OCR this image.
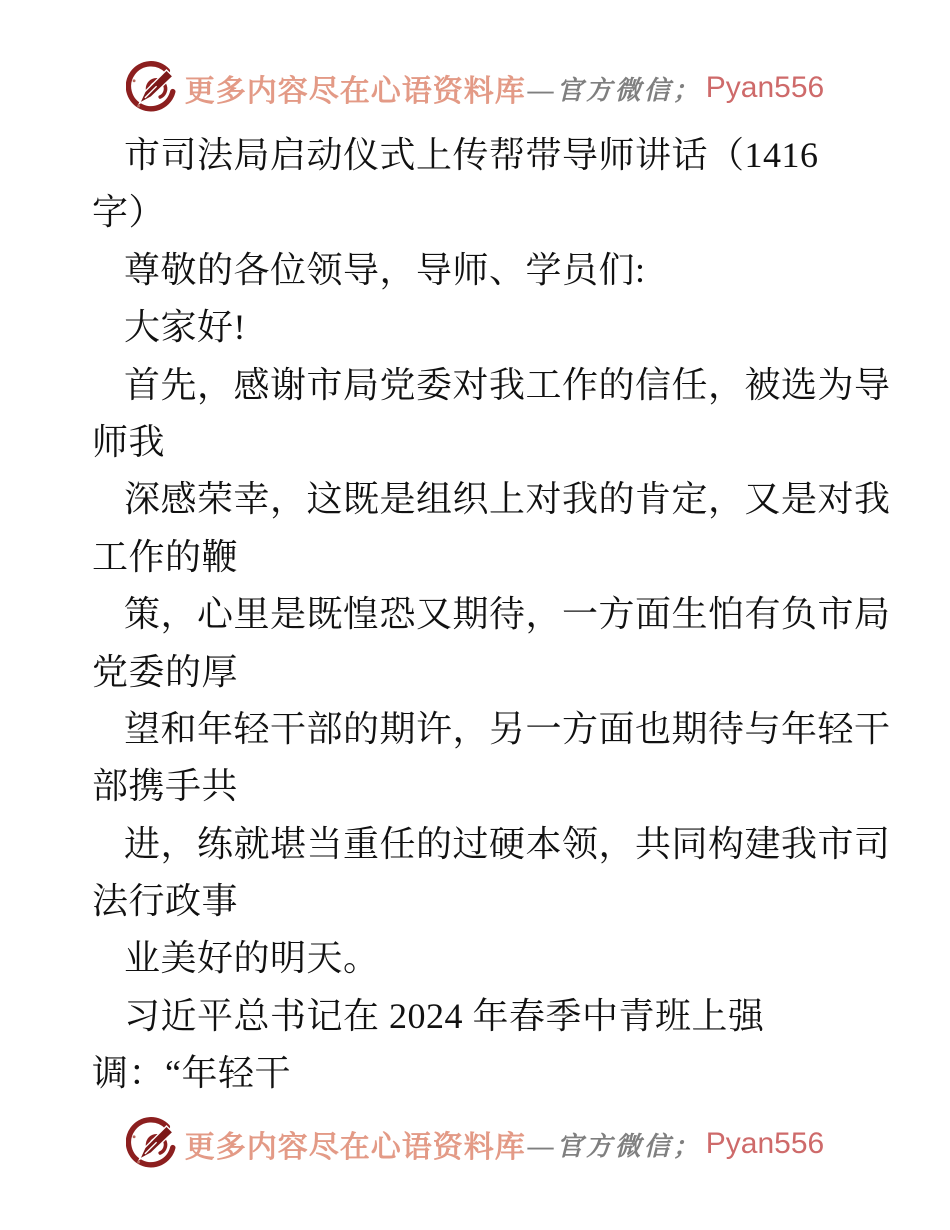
更多内容尽在心语资料库 —官方微信； Pyan556
市司法局启动仪式上传帮带导师讲话（1416
字）
尊敬的各位领导，导师、学员们:
大家好!
首先，感谢市局党委对我工作的信任，被选为导
师我
深感荣幸，这既是组织上对我的肯定，又是对我
工作的鞭
策，心里是既惶恐又期待，一方面生怕有负市局
党委的厚
望和年轻干部的期许，另一方面也期待与年轻干
部携手共
进，练就堪当重任的过硬本领，共同构建我市司
法行政事
业美好的明天。
习近平总书记在 2024 年春季中青班上强
调：“年轻干
更多内容尽在心语资料库 —官方微信； Pyan556
